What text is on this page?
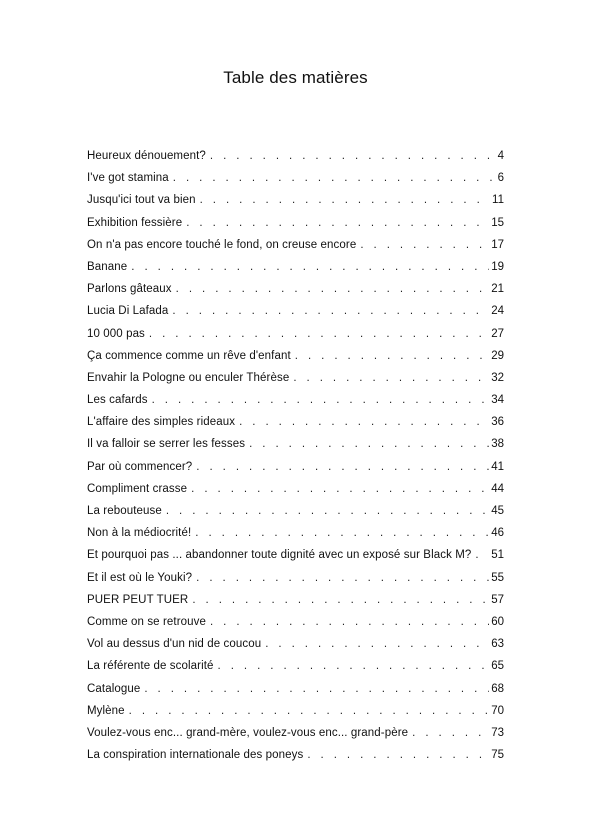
Table des matières
Heureux dénouement? . . .	4
I've got stamina . . .	6
Jusqu'ici tout va bien . . .	11
Exhibition fessière . . .	15
On n'a pas encore touché le fond, on creuse encore . . .	17
Banane . . .	19
Parlons gâteaux . . .	21
Lucia Di Lafada . . .	24
10 000 pas . . .	27
Ça commence comme un rêve d'enfant . . .	29
Envahir la Pologne ou enculer Thérèse . . .	32
Les cafards . . .	34
L'affaire des simples rideaux . . .	36
Il va falloir se serrer les fesses . . .	38
Par où commencer? . . .	41
Compliment crasse . . .	44
La rebouteuse . . .	45
Non à la médiocrité! . . .	46
Et pourquoi pas ... abandonner toute dignité avec un exposé sur Black M? . . .	51
Et il est où le Youki? . . .	55
PUER PEUT TUER . . .	57
Comme on se retrouve . . .	60
Vol au dessus d'un nid de coucou . . .	63
La référente de scolarité . . .	65
Catalogue . . .	68
Mylène . . .	70
Voulez-vous enc... grand-mère, voulez-vous enc... grand-père . . .	73
La conspiration internationale des poneys . . .	75
